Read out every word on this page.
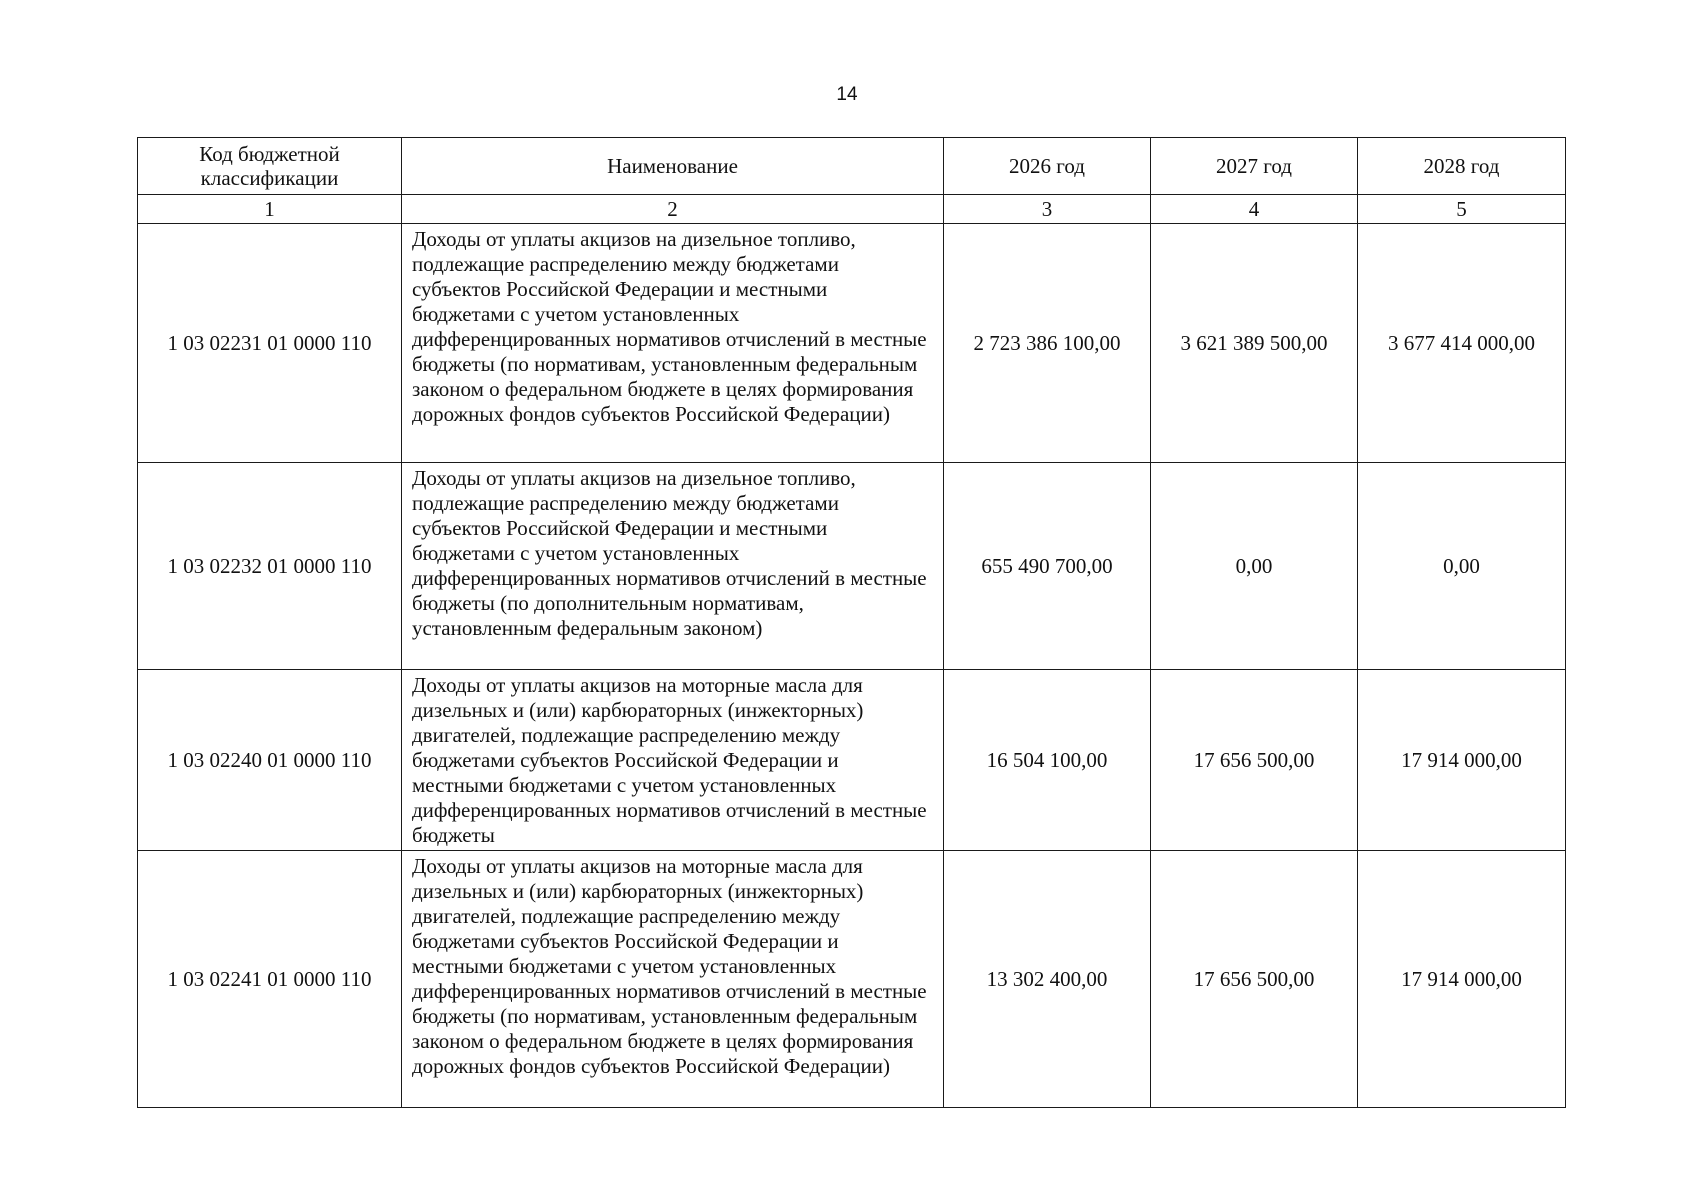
14
Код бюджетной классификации	Наименование	2026 год	2027 год	2028 год
1	2	3	4	5
1 03 02231 01 0000 110	Доходы от уплаты акцизов на дизельное топливо, подлежащие распределению между бюджетами субъектов Российской Федерации и местными бюджетами с учетом установленных дифференцированных нормативов отчислений в местные бюджеты (по нормативам, установленным федеральным законом о федеральном бюджете в целях формирования дорожных фондов субъектов Российской Федерации)	2 723 386 100,00	3 621 389 500,00	3 677 414 000,00
1 03 02232 01 0000 110	Доходы от уплаты акцизов на дизельное топливо, подлежащие распределению между бюджетами субъектов Российской Федерации и местными бюджетами с учетом установленных дифференцированных нормативов отчислений в местные бюджеты (по дополнительным нормативам, установленным федеральным законом)	655 490 700,00	0,00	0,00
1 03 02240 01 0000 110	Доходы от уплаты акцизов на моторные масла для дизельных и (или) карбюраторных (инжекторных) двигателей, подлежащие распределению между бюджетами субъектов Российской Федерации и местными бюджетами с учетом установленных дифференцированных нормативов отчислений в местные бюджеты	16 504 100,00	17 656 500,00	17 914 000,00
1 03 02241 01 0000 110	Доходы от уплаты акцизов на моторные масла для дизельных и (или) карбюраторных (инжекторных) двигателей, подлежащие распределению между бюджетами субъектов Российской Федерации и местными бюджетами с учетом установленных дифференцированных нормативов отчислений в местные бюджеты (по нормативам, установленным федеральным законом о федеральном бюджете в целях формирования дорожных фондов субъектов Российской Федерации)	13 302 400,00	17 656 500,00	17 914 000,00
